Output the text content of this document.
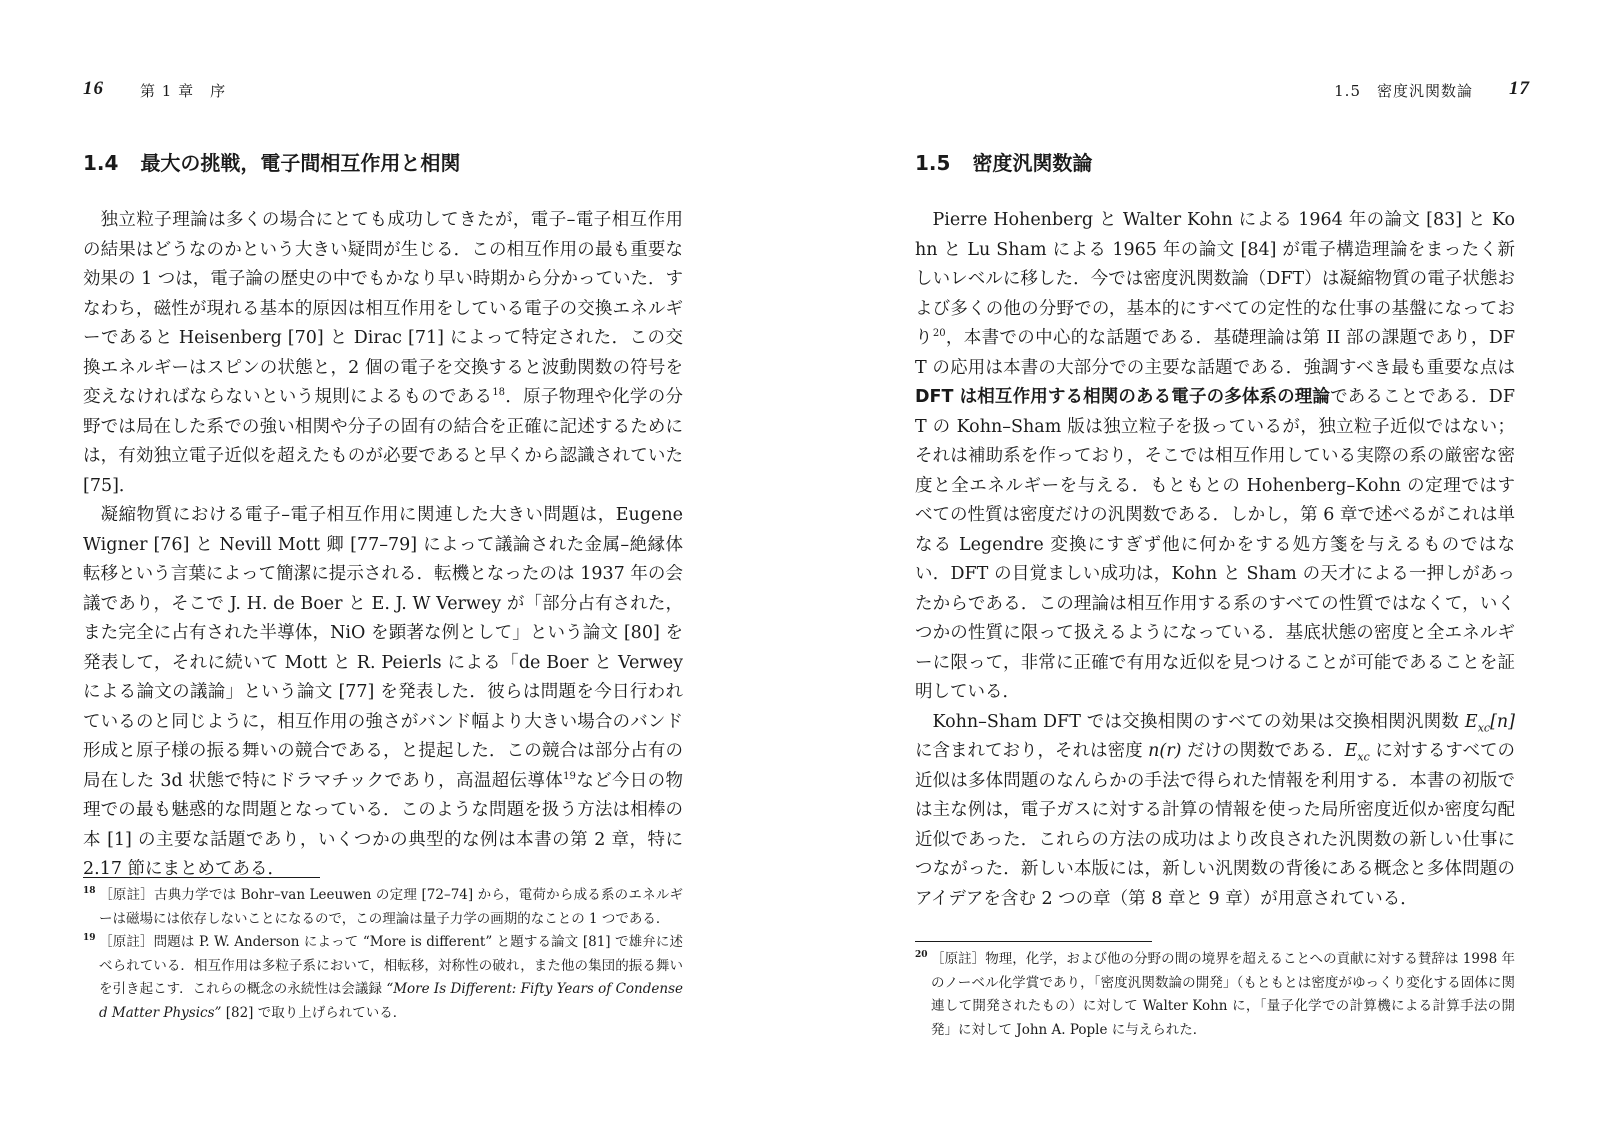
16 第 1 章　序
1.4 最大の挑戦，電子間相互作用と相関

独立粒子理論は多くの場合にとても成功してきたが，電子–電子相互作用の結果はどうなのかという大きい疑問が生じる．この相互作用の最も重要な効果の 1 つは，電子論の歴史の中でもかなり早い時期から分かっていた．すなわち，磁性が現れる基本的原因は相互作用をしている電子の交換エネルギーであると Heisenberg [70] と Dirac [71] によって特定された．この交換エネルギーはスピンの状態と，2 個の電子を交換すると波動関数の符号を変えなければならないという規則によるものである$^{18}$．原子物理や化学の分野では局在した系での強い相関や分子の固有の結合を正確に記述するためには，有効独立電子近似を超えたものが必要であると早くから認識されていた [75]．

凝縮物質における電子–電子相互作用に関連した大きい問題は，Eugene Wigner [76] と Nevill Mott 卿 [77–79] によって議論された金属–絶縁体転移という言葉によって簡潔に提示される．転機となったのは 1937 年の会議であり，そこで J. H. de Boer と E. J. W Verwey が「部分占有された，また完全に占有された半導体，NiO を顕著な例として」という論文 [80] を発表して，それに続いて Mott と R. Peierls による「de Boer と Verwey による論文の議論」という論文 [77] を発表した．彼らは問題を今日行われているのと同じように，相互作用の強さがバンド幅より大きい場合のバンド形成と原子様の振る舞いの競合である，と提起した．この競合は部分占有の局在した 3d 状態で特にドラマチックであり，高温超伝導体$^{19}$など今日の物理での最も魅惑的な問題となっている．このような問題を扱う方法は相棒の本 [1] の主要な話題であり，いくつかの典型的な例は本書の第 2 章，特に 2.17 節にまとめてある．

18 ［原註］古典力学では Bohr–van Leeuwen の定理 [72–74] から，電荷から成る系のエネルギーは磁場には依存しないことになるので，この理論は量子力学の画期的なことの 1 つである．

19 ［原註］問題は P. W. Anderson によって “More is different” と題する論文 [81] で雄弁に述べられている．相互作用は多粒子系において，相転移，対称性の破れ，また他の集団的振る舞いを引き起こす．これらの概念の永続性は会議録 “More Is Different: Fifty Years of Condensed Matter Physics” [82] で取り上げられている．

1.5　密度汎関数論 17
1.5 密度汎関数論

Pierre Hohenberg と Walter Kohn による 1964 年の論文 [83] と Kohn と Lu Sham による 1965 年の論文 [84] が電子構造理論をまったく新しいレベルに移した．今では密度汎関数論（DFT）は凝縮物質の電子状態および多くの他の分野での，基本的にすべての定性的な仕事の基盤になっており$^{20}$，本書での中心的な話題である．基礎理論は第 II 部の課題であり，DFT の応用は本書の大部分での主要な話題である．強調すべき最も重要な点はDFT は相互作用する相関のある電子の多体系の理論であることである．DFT の Kohn–Sham 版は独立粒子を扱っているが，独立粒子近似ではない；それは補助系を作っており，そこでは相互作用している実際の系の厳密な密度と全エネルギーを与える．もともとの Hohenberg–Kohn の定理ではすべての性質は密度だけの汎関数である．しかし，第 6 章で述べるがこれは単なる Legendre 変換にすぎず他に何かをする処方箋を与えるものではない．DFT の目覚ましい成功は，Kohn と Sham の天才による一押しがあったからである．この理論は相互作用する系のすべての性質ではなくて，いくつかの性質に限って扱えるようになっている．基底状態の密度と全エネルギーに限って，非常に正確で有用な近似を見つけることが可能であることを証明している．

Kohn–Sham DFT では交換相関のすべての効果は交換相関汎関数 $E_{xc}[n]$ に含まれており，それは密度 n(r) だけの関数である．$E_{xc}$ に対するすべての近似は多体問題のなんらかの手法で得られた情報を利用する．本書の初版では主な例は，電子ガスに対する計算の情報を使った局所密度近似か密度勾配近似であった．これらの方法の成功はより改良された汎関数の新しい仕事につながった．新しい本版には，新しい汎関数の背後にある概念と多体問題のアイデアを含む 2 つの章（第 8 章と 9 章）が用意されている．

20 ［原註］物理，化学，および他の分野の間の境界を超えることへの貢献に対する賛辞は 1998 年のノーベル化学賞であり，「密度汎関数論の開発」（もともとは密度がゆっくり変化する固体に関連して開発されたもの）に対して Walter Kohn に，「量子化学での計算機による計算手法の開発」に対して John A. Pople に与えられた．
